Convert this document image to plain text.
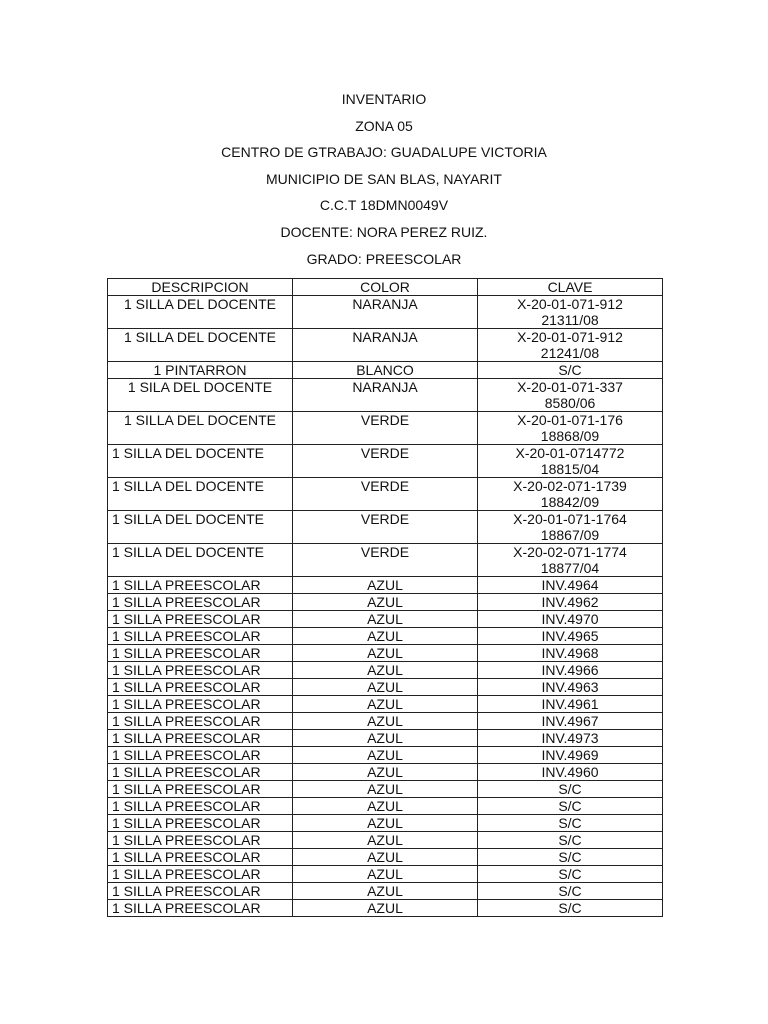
INVENTARIO
ZONA 05
CENTRO DE GTRABAJO: GUADALUPE VICTORIA
MUNICIPIO DE SAN BLAS, NAYARIT
C.C.T 18DMN0049V
DOCENTE: NORA PEREZ RUIZ.
GRADO: PREESCOLAR
DESCRIPCION	COLOR	CLAVE
1 SILLA DEL DOCENTE	NARANJA	X-20-01-071-912
21311/08

1 SILLA DEL DOCENTE	NARANJA	X-20-01-071-912
21241/08

1 PINTARRON	BLANCO	S/C

1 SILA DEL DOCENTE	NARANJA	X-20-01-071-337
8580/06

1 SILLA DEL DOCENTE	VERDE	X-20-01-071-176
18868/09

1 SILLA DEL DOCENTE	VERDE	X-20-01-0714772
18815/04

1 SILLA DEL DOCENTE	VERDE	X-20-02-071-1739
18842/09

1 SILLA DEL DOCENTE	VERDE	X-20-01-071-1764
18867/09

1 SILLA DEL DOCENTE	VERDE	X-20-02-071-1774
18877/04

1 SILLA PREESCOLAR	AZUL	INV.4964

1 SILLA PREESCOLAR	AZUL	INV.4962

1 SILLA PREESCOLAR	AZUL	INV.4970

1 SILLA PREESCOLAR	AZUL	INV.4965

1 SILLA PREESCOLAR	AZUL	INV.4968

1 SILLA PREESCOLAR	AZUL	INV.4966

1 SILLA PREESCOLAR	AZUL	INV.4963

1 SILLA PREESCOLAR	AZUL	INV.4961

1 SILLA PREESCOLAR	AZUL	INV.4967

1 SILLA PREESCOLAR	AZUL	INV.4973

1 SILLA PREESCOLAR	AZUL	INV.4969

1 SILLA PREESCOLAR	AZUL	INV.4960

1 SILLA PREESCOLAR	AZUL	S/C

1 SILLA PREESCOLAR	AZUL	S/C

1 SILLA PREESCOLAR	AZUL	S/C

1 SILLA PREESCOLAR	AZUL	S/C

1 SILLA PREESCOLAR	AZUL	S/C

1 SILLA PREESCOLAR	AZUL	S/C

1 SILLA PREESCOLAR	AZUL	S/C

1 SILLA PREESCOLAR	AZUL	S/C
